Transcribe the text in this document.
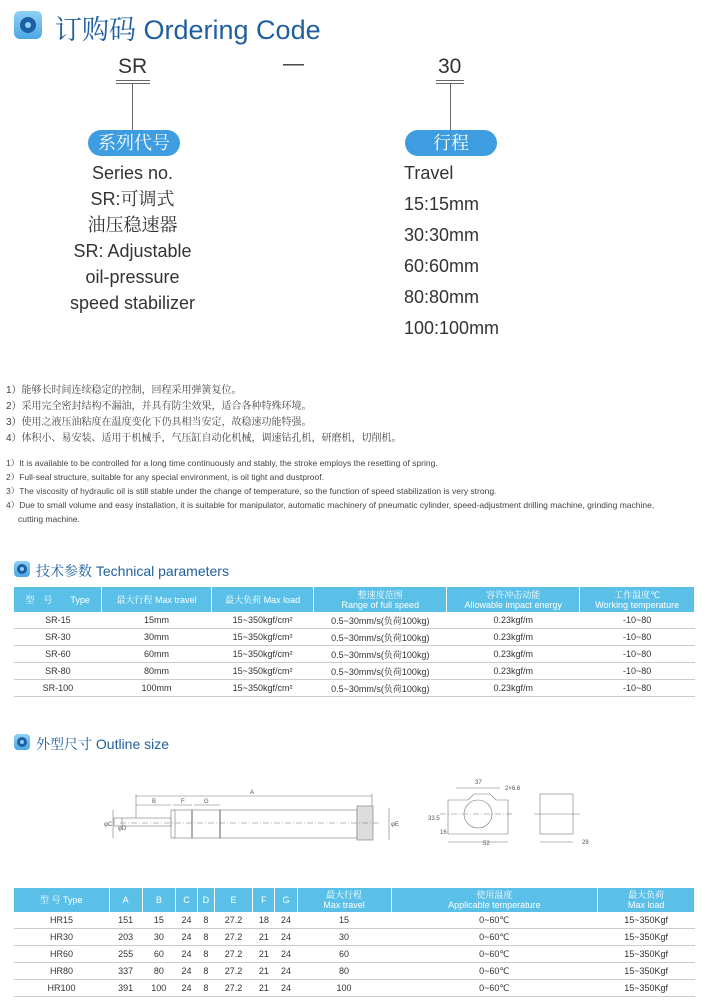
订购码 Ordering Code
SR	—	30
系列代号	行程
Series no.
SR:可调式
油压稳速器
SR: Adjustable
oil-pressure
speed stabilizer
Travel
15:15mm
30:30mm
60:60mm
80:80mm
100:100mm
1）能够长时间连续稳定的控制，回程采用弹簧复位。
2）采用完全密封结构不漏油，并具有防尘效果，适合各种特殊环境。
3）使用之液压油粘度在温度变化下仍具相当安定，故稳速功能特强。
4）体积小、易安装、适用于机械手，气压缸自动化机械，调速钻孔机，研磨机，切削机。
1）It is available to be controlled for a long time continuously and stably, the stroke employs the resetting of spring.
2）Full-seal structure, suitable for any special environment, is oil tight and dustproof.
3）The viscosity of hydraulic oil is still stable under the change of temperature, so the function of speed stabilization is very strong.
4）Due to small volume and easy installation, it is suitable for manipulator, automatic machinery of pneumatic cylinder, speed-adjustment drilling machine, grinding machine, cutting machine.
技术参数 Technical parameters
型　号　　Type	最大行程 Max travel	最大负荷 Max load	整速度范围
Range of full speed	容许冲击动能
Allowable impact energy	工作温度℃
Working temperature
SR-15	15mm	15~350kgf/cm²	0.5~30mm/s(负荷100kg)	0.23kgf/m	-10~80
SR-30	30mm	15~350kgf/cm²	0.5~30mm/s(负荷100kg)	0.23kgf/m	-10~80
SR-60	60mm	15~350kgf/cm²	0.5~30mm/s(负荷100kg)	0.23kgf/m	-10~80
SR-80	80mm	15~350kgf/cm²	0.5~30mm/s(负荷100kg)	0.23kgf/m	-10~80
SR-100	100mm	15~350kgf/cm²	0.5~30mm/s(负荷100kg)	0.23kgf/m	-10~80
外型尺寸 Outline size
A
B	F	G
φC
φD
φE
37
2×6.6
33.5
16
52	28
型 号 Type	A	B	C	D	E	F	G	最大行程
Max travel	使用温度
Applicable temperature	最大负荷
Max load
HR15	151	15	24	8	27.2	18	24	15	0~60℃	15~350Kgf
HR30	203	30	24	8	27.2	21	24	30	0~60℃	15~350Kgf
HR60	255	60	24	8	27.2	21	24	60	0~60℃	15~350Kgf
HR80	337	80	24	8	27.2	21	24	80	0~60℃	15~350Kgf
HR100	391	100	24	8	27.2	21	24	100	0~60℃	15~350Kgf
